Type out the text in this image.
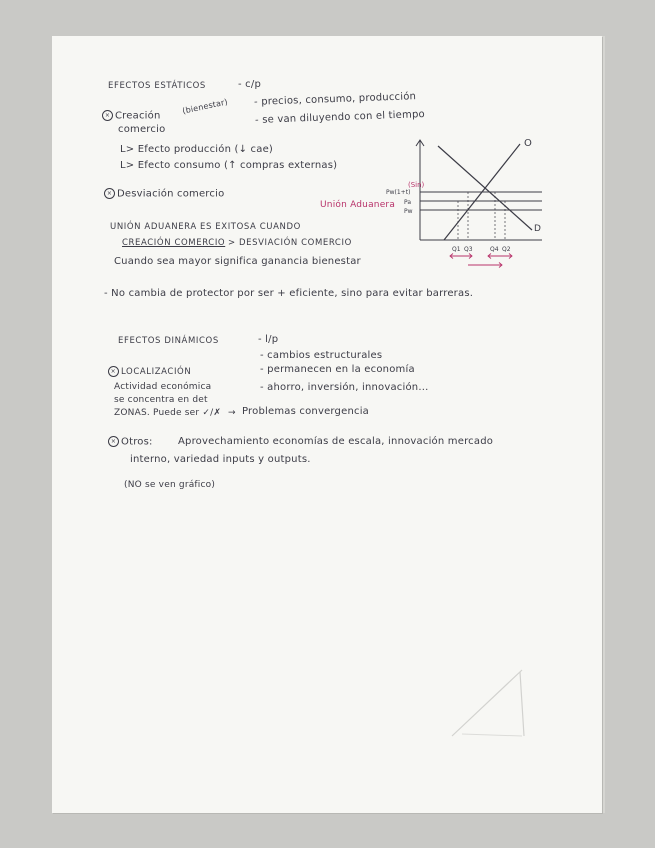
EFECTOS ESTÁTICOS	- c/p
- precios, consumo, producción
× Creación
(bienestar)
- se van diluyendo con el tiempo
comercio
L> Efecto producción (↓ cae)
L> Efecto consumo (↑ compras externas)
× Desviación comercio
UNIÓN ADUANERA ES EXITOSA CUANDO
CREACIÓN COMERCIO > DESVIACIÓN COMERCIO
Cuando sea mayor significa ganancia bienestar
O
D
(Sin)
Pw(1+t)
Pa
Pw
Q1 Q3	Q4 Q2
Unión Aduanera
- No cambia de protector por ser + eficiente, sino para evitar barreras.
EFECTOS DINÁMICOS	- l/p
- cambios estructurales
× LOCALIZACIÓN	- permanecen en la economía
Actividad económica	- ahorro, inversión, innovación...
se concentra en det
ZONAS. Puede ser ✓/✗ → Problemas convergencia
× Otros:	Aprovechamiento economías de escala, innovación mercado
interno, variedad inputs y outputs.
(NO se ven gráfico)
